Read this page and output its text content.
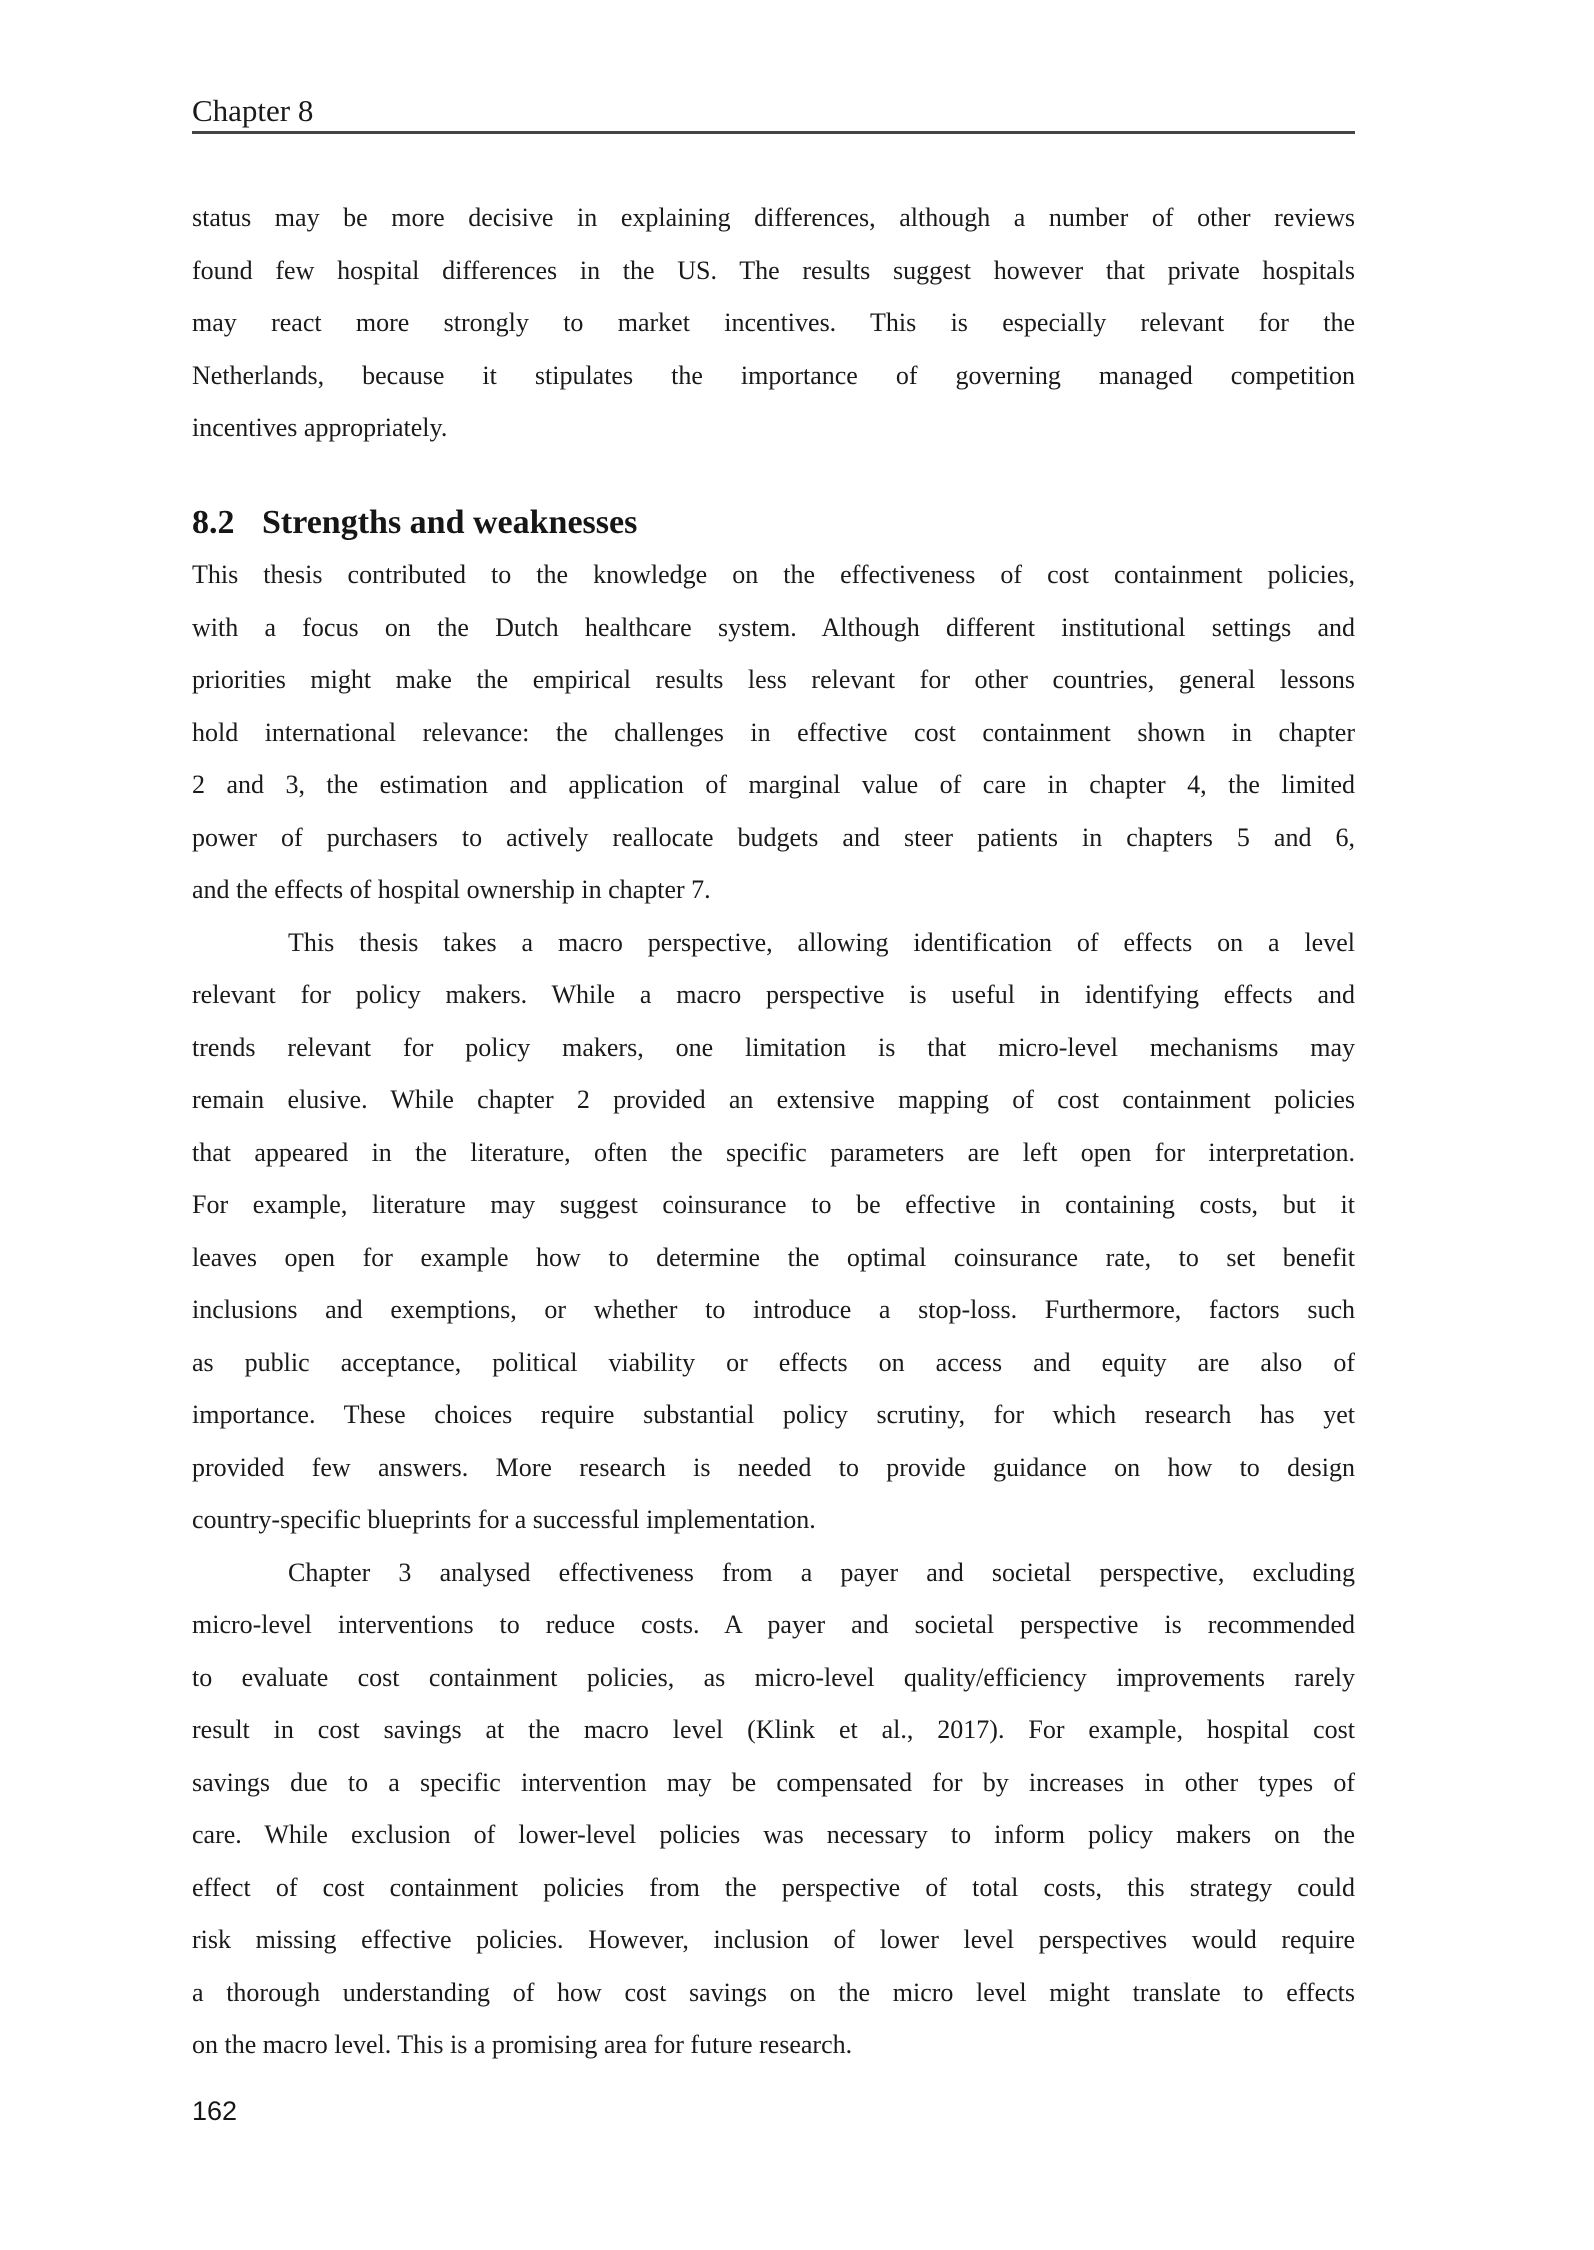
Chapter 8
status may be more decisive in explaining differences, although a number of other reviews
found few hospital differences in the US. The results suggest however that private hospitals
may react more strongly to market incentives. This is especially relevant for the
Netherlands, because it stipulates the importance of governing managed competition
incentives appropriately.
8.2 Strengths and weaknesses
This thesis contributed to the knowledge on the effectiveness of cost containment policies,
with a focus on the Dutch healthcare system. Although different institutional settings and
priorities might make the empirical results less relevant for other countries, general lessons
hold international relevance: the challenges in effective cost containment shown in chapter
2 and 3, the estimation and application of marginal value of care in chapter 4, the limited
power of purchasers to actively reallocate budgets and steer patients in chapters 5 and 6,
and the effects of hospital ownership in chapter 7.
This thesis takes a macro perspective, allowing identification of effects on a level
relevant for policy makers. While a macro perspective is useful in identifying effects and
trends relevant for policy makers, one limitation is that micro-level mechanisms may
remain elusive. While chapter 2 provided an extensive mapping of cost containment policies
that appeared in the literature, often the specific parameters are left open for interpretation.
For example, literature may suggest coinsurance to be effective in containing costs, but it
leaves open for example how to determine the optimal coinsurance rate, to set benefit
inclusions and exemptions, or whether to introduce a stop-loss. Furthermore, factors such
as public acceptance, political viability or effects on access and equity are also of
importance. These choices require substantial policy scrutiny, for which research has yet
provided few answers. More research is needed to provide guidance on how to design
country-specific blueprints for a successful implementation.
Chapter 3 analysed effectiveness from a payer and societal perspective, excluding
micro-level interventions to reduce costs. A payer and societal perspective is recommended
to evaluate cost containment policies, as micro-level quality/efficiency improvements rarely
result in cost savings at the macro level (Klink et al., 2017). For example, hospital cost
savings due to a specific intervention may be compensated for by increases in other types of
care. While exclusion of lower-level policies was necessary to inform policy makers on the
effect of cost containment policies from the perspective of total costs, this strategy could
risk missing effective policies. However, inclusion of lower level perspectives would require
a thorough understanding of how cost savings on the micro level might translate to effects
on the macro level. This is a promising area for future research.
162
